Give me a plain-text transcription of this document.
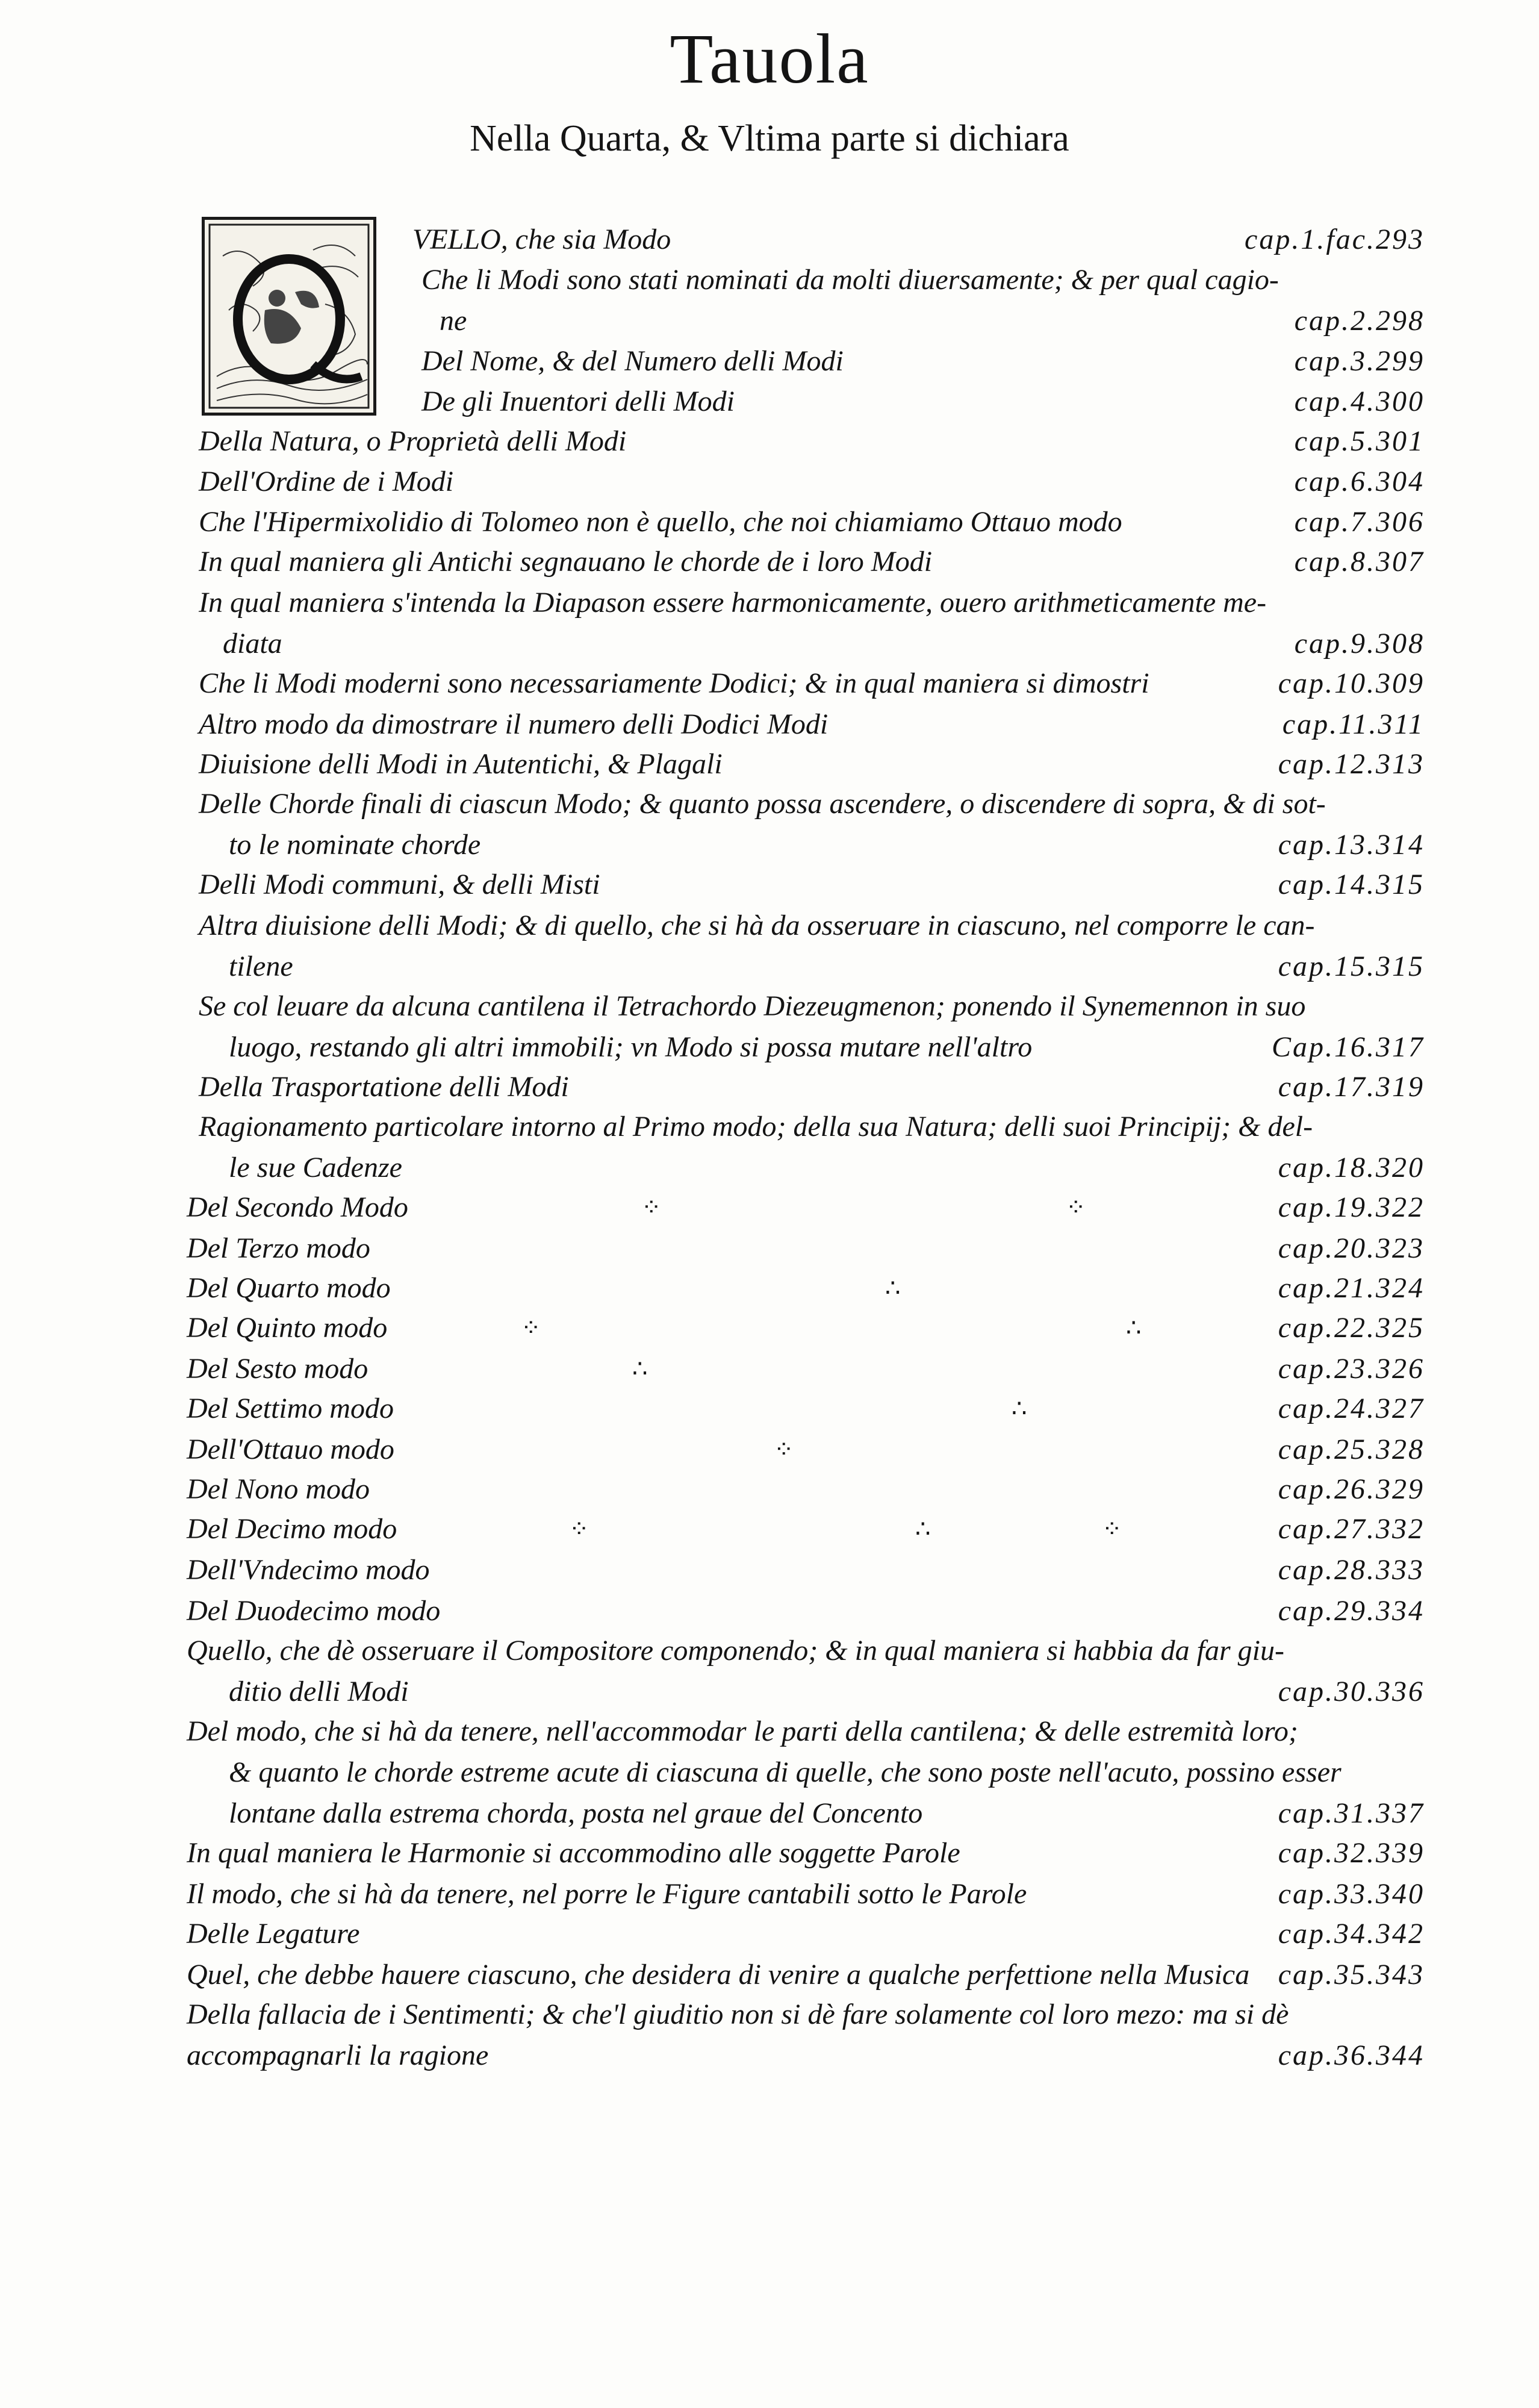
Tauola
Nella Quarta, & Vltima parte si dichiara
VELLO, che sia Modo	cap.1.fac.293
Che li Modi sono stati nominati da molti diuersamente; & per qual cagio-
ne	cap.2.298
Del Nome, & del Numero delli Modi	cap.3.299
De gli Inuentori delli Modi	cap.4.300
Della Natura, o Proprietà delli Modi	cap.5.301
Dell'Ordine de i Modi	cap.6.304
Che l'Hipermixolidio di Tolomeo non è quello, che noi chiamiamo Ottauo modo	cap.7.306
In qual maniera gli Antichi segnauano le chorde de i loro Modi	cap.8.307
In qual maniera s'intenda la Diapason essere harmonicamente, ouero arithmeticamente me-
diata	cap.9.308
Che li Modi moderni sono necessariamente Dodici; & in qual maniera si dimostri	cap.10.309
Altro modo da dimostrare il numero delli Dodici Modi	cap.11.311
Diuisione delli Modi in Autentichi, & Plagali	cap.12.313
Delle Chorde finali di ciascun Modo; & quanto possa ascendere, o discendere di sopra, & di sot-
to le nominate chorde	cap.13.314
Delli Modi communi, & delli Misti	cap.14.315
Altra diuisione delli Modi; & di quello, che si hà da osseruare in ciascuno, nel comporre le can-
tilene	cap.15.315
Se col leuare da alcuna cantilena il Tetrachordo Diezeugmenon; ponendo il Synemennon in suo
luogo, restando gli altri immobili; vn Modo si possa mutare nell'altro	Cap.16.317
Della Trasportatione delli Modi	cap.17.319
Ragionamento particolare intorno al Primo modo; della sua Natura; delli suoi Principij; & del-
le sue Cadenze	cap.18.320
Del Secondo Modo	cap.19.322
⁘	⁘
Del Terzo modo	cap.20.323
Del Quarto modo	cap.21.324
∴
Del Quinto modo	cap.22.325
⁘	∴
Del Sesto modo	cap.23.326
∴
Del Settimo modo	cap.24.327
∴
Dell'Ottauo modo	cap.25.328
⁘
Del Nono modo	cap.26.329
Del Decimo modo	cap.27.332
⁘	∴	⁘
Dell'Vndecimo modo	cap.28.333
Del Duodecimo modo	cap.29.334
Quello, che dè osseruare il Compositore componendo; & in qual maniera si habbia da far giu-
ditio delli Modi	cap.30.336
Del modo, che si hà da tenere, nell'accommodar le parti della cantilena; & delle estremità loro;
& quanto le chorde estreme acute di ciascuna di quelle, che sono poste nell'acuto, possino esser
lontane dalla estrema chorda, posta nel graue del Concento	cap.31.337
In qual maniera le Harmonie si accommodino alle soggette Parole	cap.32.339
Il modo, che si hà da tenere, nel porre le Figure cantabili sotto le Parole	cap.33.340
Delle Legature	cap.34.342
Quel, che debbe hauere ciascuno, che desidera di venire a qualche perfettione nella Musica cap.35.343
Della fallacia de i Sentimenti; & che'l giuditio non si dè fare solamente col loro mezo: ma si dè
accompagnarli la ragione	cap.36.344
